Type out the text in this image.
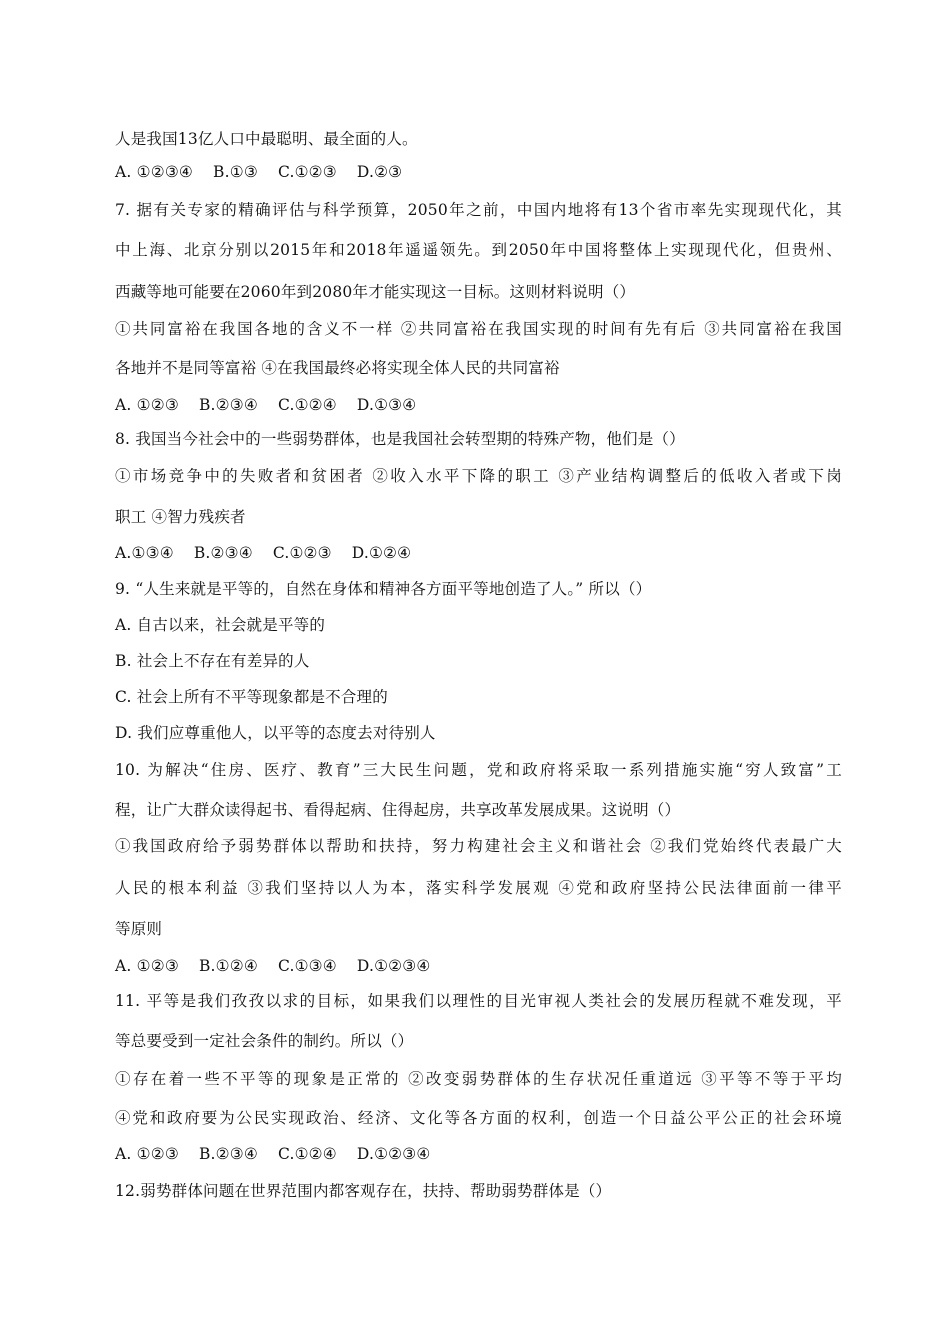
人是我国13亿人口中最聪明、最全面的人。
A. ①②③④ B.①③ C.①②③ D.②③
7. 据有关专家的精确评估与科学预算，2050年之前，中国内地将有13个省市率先实现现代化，其
中上海、北京分别以2015年和2018年遥遥领先。到2050年中国将整体上实现现代化，但贵州、
西藏等地可能要在2060年到2080年才能实现这一目标。这则材料说明（）
①共同富裕在我国各地的含义不一样 ②共同富裕在我国实现的时间有先有后 ③共同富裕在我国
各地并不是同等富裕 ④在我国最终必将实现全体人民的共同富裕
A. ①②③ B.②③④ C.①②④ D.①③④
8. 我国当今社会中的一些弱势群体，也是我国社会转型期的特殊产物，他们是（）
①市场竞争中的失败者和贫困者 ②收入水平下降的职工 ③产业结构调整后的低收入者或下岗
职工 ④智力残疾者
A.①③④ B.②③④ C.①②③ D.①②④
9. “人生来就是平等的，自然在身体和精神各方面平等地创造了人。” 所以（）
A. 自古以来，社会就是平等的
B. 社会上不存在有差异的人
C. 社会上所有不平等现象都是不合理的
D. 我们应尊重他人，以平等的态度去对待别人
10. 为解决“住房、医疗、教育”三大民生问题，党和政府将采取一系列措施实施“穷人致富”工
程，让广大群众读得起书、看得起病、住得起房，共享改革发展成果。这说明（）
①我国政府给予弱势群体以帮助和扶持，努力构建社会主义和谐社会 ②我们党始终代表最广大
人民的根本利益 ③我们坚持以人为本，落实科学发展观 ④党和政府坚持公民法律面前一律平
等原则
A. ①②③ B.①②④ C.①③④ D.①②③④
11. 平等是我们孜孜以求的目标，如果我们以理性的目光审视人类社会的发展历程就不难发现，平
等总要受到一定社会条件的制约。所以（）
①存在着一些不平等的现象是正常的 ②改变弱势群体的生存状况任重道远 ③平等不等于平均
④党和政府要为公民实现政治、经济、文化等各方面的权利，创造一个日益公平公正的社会环境
A. ①②③ B.②③④ C.①②④ D.①②③④
12.弱势群体问题在世界范围内都客观存在，扶持、帮助弱势群体是（）
